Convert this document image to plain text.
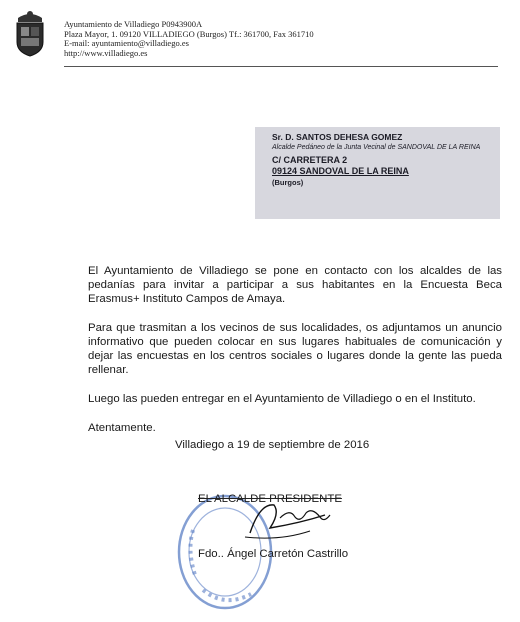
Ayuntamiento de Villadiego P0943900A
Plaza Mayor, 1. 09120 VILLADIEGO (Burgos) Tf.: 361700, Fax 361710
E-mail: ayuntamiento@villadiego.es
http://www.villadiego.es
Sr. D. SANTOS DEHESA GOMEZ
Alcalde Pedáneo de la Junta Vecinal de SANDOVAL DE LA REINA
C/ CARRETERA 2
09124 SANDOVAL DE LA REINA
(Burgos)

El Ayuntamiento de Villadiego se pone en contacto con los alcaldes de las pedanías para invitar a participar a sus habitantes en la Encuesta Beca Erasmus+ Instituto Campos de Amaya.

Para que trasmitan a los vecinos de sus localidades, os adjuntamos un anuncio informativo que pueden colocar en sus lugares habituales de comunicación y dejar las encuestas en los centros sociales o lugares donde la gente las pueda rellenar.

Luego las pueden entregar en el Ayuntamiento de Villadiego o en el Instituto.

Atentamente.

Villadiego a 19 de septiembre de 2016
EL ALCALDE PRESIDENTE
Fdo.. Ángel Carretón Castrillo
